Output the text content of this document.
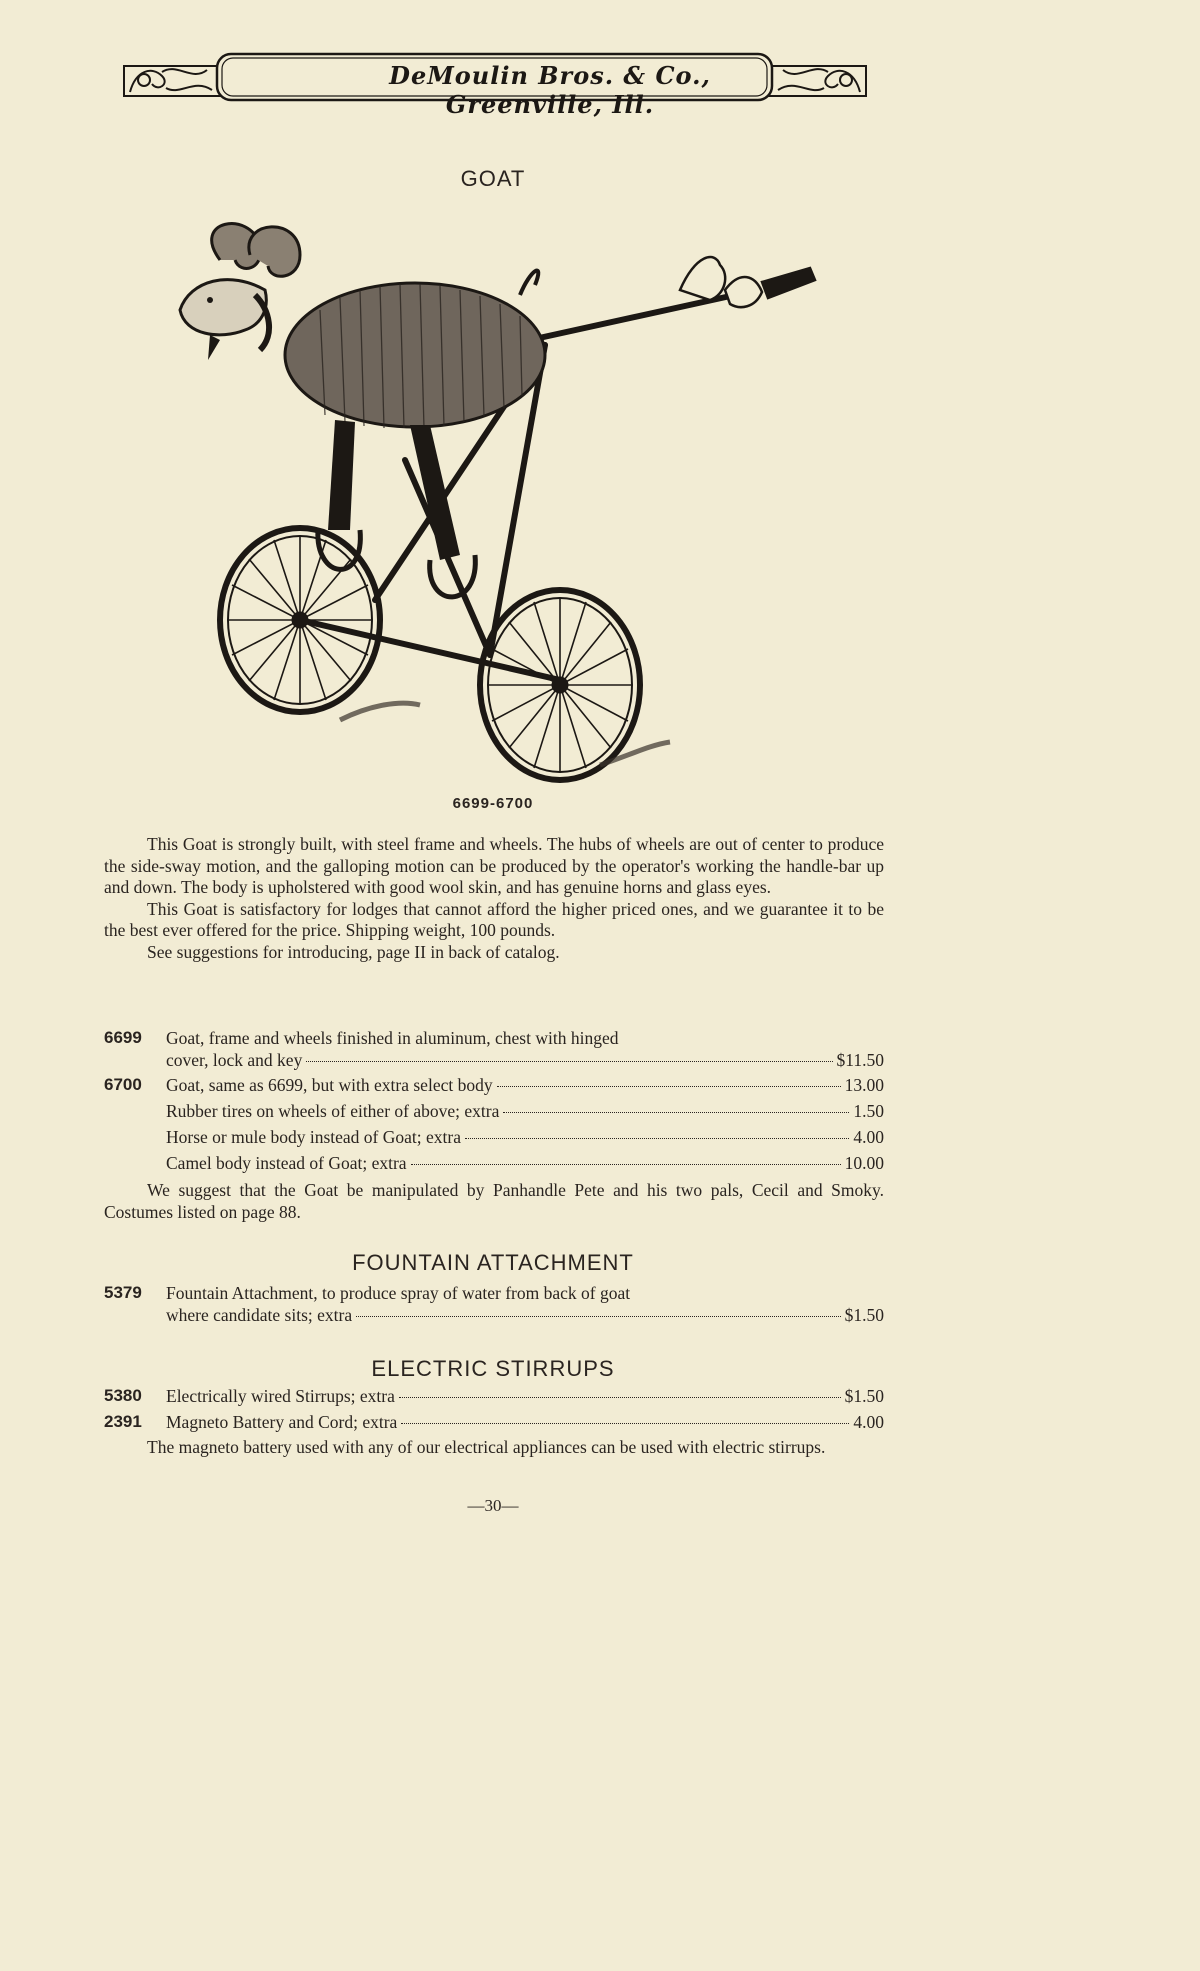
DeMoulin Bros. & Co., Greenville, Ill.
GOAT
6699-6700

This Goat is strongly built, with steel frame and wheels. The hubs of wheels are out of center to produce the side-sway motion, and the galloping motion can be produced by the operator's working the handle-bar up and down. The body is upholstered with good wool skin, and has genuine horns and glass eyes.

This Goat is satisfactory for lodges that cannot afford the higher priced ones, and we guarantee it to be the best ever offered for the price. Shipping weight, 100 pounds.

See suggestions for introducing, page II in back of catalog.

6699 Goat, frame and wheels finished in aluminum, chest with hinged
cover, lock and key	$11.50
6700 Goat, same as 6699, but with extra select body	13.00
Rubber tires on wheels of either of above; extra	1.50
Horse or mule body instead of Goat; extra	4.00
Camel body instead of Goat; extra	10.00

We suggest that the Goat be manipulated by Panhandle Pete and his two pals, Cecil and Smoky. Costumes listed on page 88.

FOUNTAIN ATTACHMENT
5379 Fountain Attachment, to produce spray of water from back of goat
where candidate sits; extra	$1.50
ELECTRIC STIRRUPS
5380 Electrically wired Stirrups; extra	$1.50
2391 Magneto Battery and Cord; extra	4.00

The magneto battery used with any of our electrical appliances can be used with electric stirrups.

—30—
